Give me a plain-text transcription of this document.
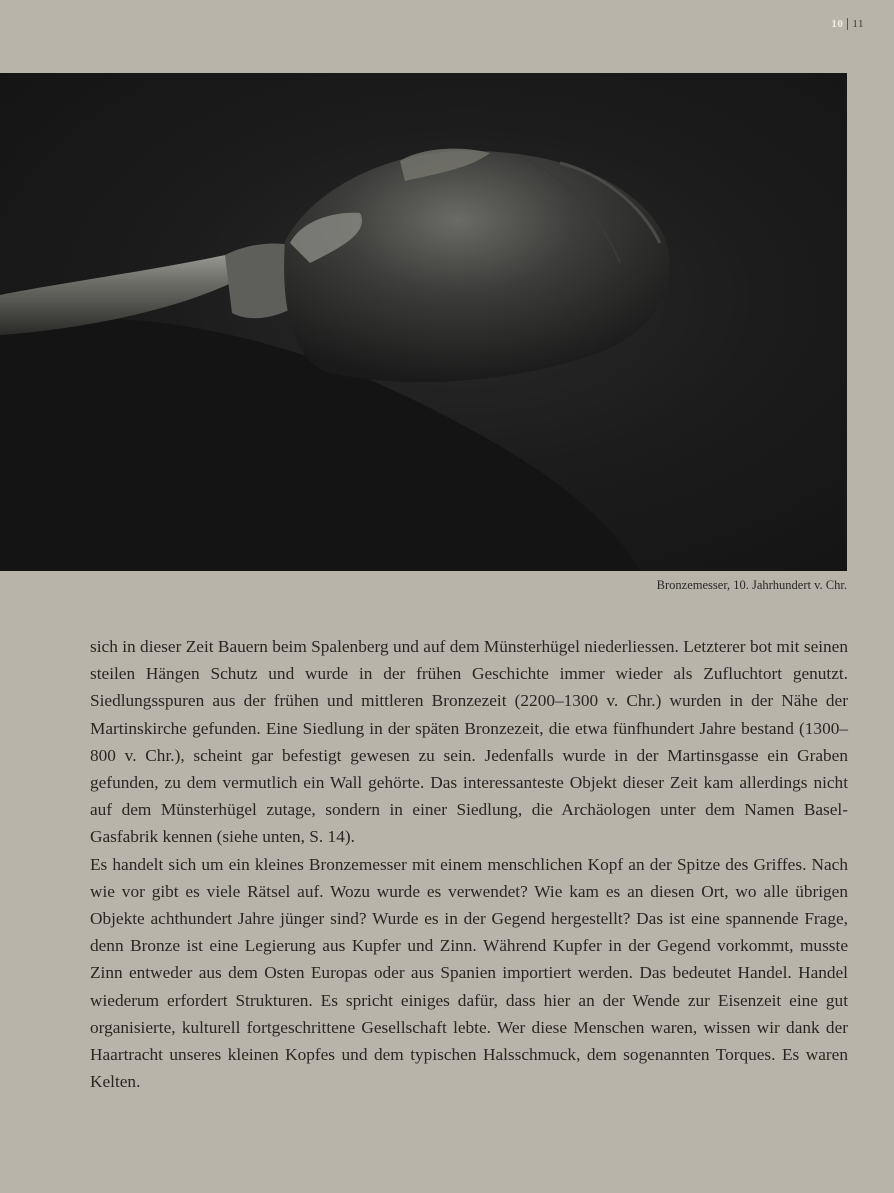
10 11
Bronzemesser, 10. Jahrhundert v. Chr.

sich in dieser Zeit Bauern beim Spalenberg und auf dem Münsterhügel niederliessen. Letzterer bot mit seinen steilen Hängen Schutz und wurde in der frühen Geschichte immer wieder als Zufluchtort genutzt. Siedlungsspuren aus der frühen und mittleren Bronzezeit (2200–1300 v. Chr.) wurden in der Nähe der Martinskirche gefunden. Eine Siedlung in der späten Bronzezeit, die etwa fünfhundert Jahre bestand (1300–800 v. Chr.), scheint gar befestigt gewesen zu sein. Jedenfalls wurde in der Martinsgasse ein Graben gefunden, zu dem vermutlich ein Wall gehörte. Das interessanteste Objekt dieser Zeit kam allerdings nicht auf dem Münsterhügel zutage, sondern in einer Siedlung, die Archäologen unter dem Namen Basel-Gasfabrik kennen (siehe unten, S. 14).

Es handelt sich um ein kleines Bronzemesser mit einem menschlichen Kopf an der Spitze des Griffes. Nach wie vor gibt es viele Rätsel auf. Wozu wurde es verwendet? Wie kam es an diesen Ort, wo alle übrigen Objekte achthundert Jahre jünger sind? Wurde es in der Gegend hergestellt? Das ist eine spannende Frage, denn Bronze ist eine Legierung aus Kupfer und Zinn. Während Kupfer in der Gegend vorkommt, musste Zinn entweder aus dem Osten Europas oder aus Spanien importiert werden. Das bedeutet Handel. Handel wiederum erfordert Strukturen. Es spricht einiges dafür, dass hier an der Wende zur Eisenzeit eine gut organisierte, kulturell fortgeschrittene Gesellschaft lebte. Wer diese Menschen waren, wissen wir dank der Haartracht unseres kleinen Kopfes und dem typischen Halsschmuck, dem sogenannten Torques. Es waren Kelten.
